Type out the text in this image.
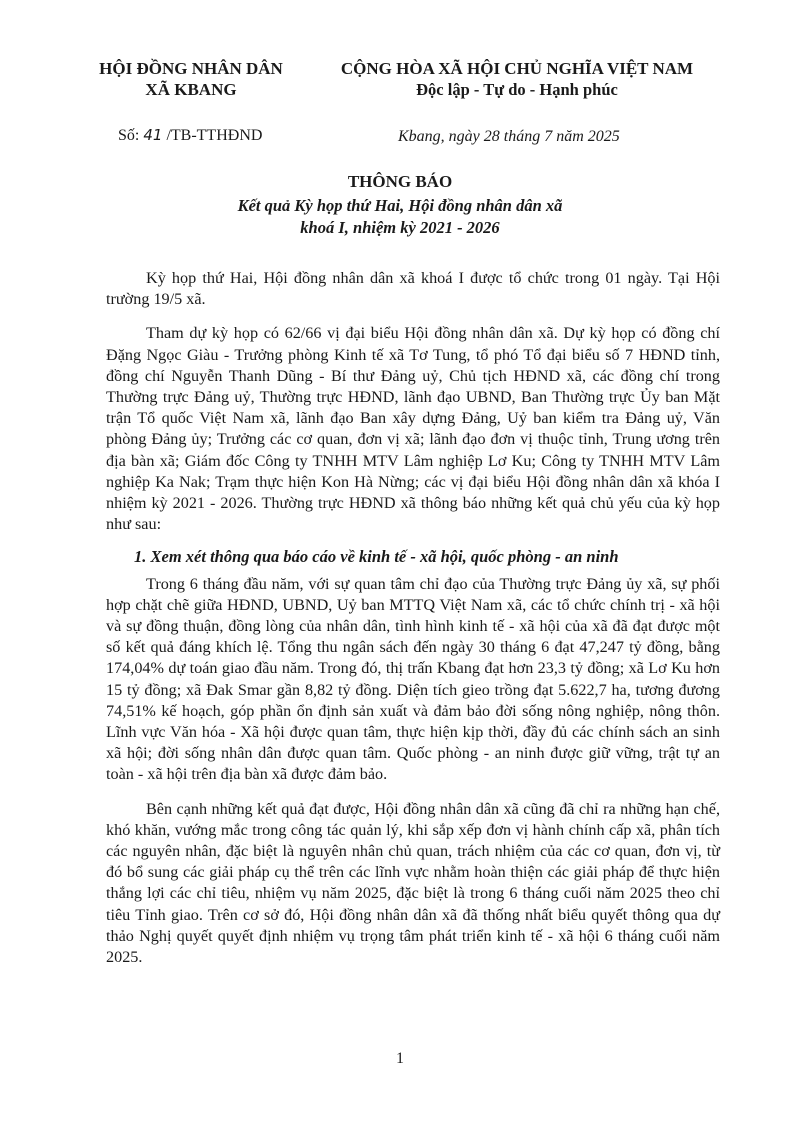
HỘI ĐỒNG NHÂN DÂN
XÃ KBANG
CỘNG HÒA XÃ HỘI CHỦ NGHĨA VIỆT NAM
Độc lập - Tự do - Hạnh phúc
Số: 41 /TB-TTHĐND	Kbang, ngày 28 tháng 7 năm 2025
THÔNG BÁO
Kết quả Kỳ họp thứ Hai, Hội đồng nhân dân xã
khoá I, nhiệm kỳ 2021 - 2026

Kỳ họp thứ Hai, Hội đồng nhân dân xã khoá I được tổ chức trong 01 ngày. Tại Hội trường 19/5 xã.

Tham dự kỳ họp có 62/66 vị đại biểu Hội đồng nhân dân xã. Dự kỳ họp có đồng chí Đặng Ngọc Giàu - Trưởng phòng Kinh tế xã Tơ Tung, tổ phó Tổ đại biểu số 7 HĐND tỉnh, đồng chí Nguyễn Thanh Dũng - Bí thư Đảng uỷ, Chủ tịch HĐND xã, các đồng chí trong Thường trực Đảng uỷ, Thường trực HĐND, lãnh đạo UBND, Ban Thường trực Ủy ban Mặt trận Tổ quốc Việt Nam xã, lãnh đạo Ban xây dựng Đảng, Uỷ ban kiểm tra Đảng uỷ, Văn phòng Đảng ủy; Trưởng các cơ quan, đơn vị xã; lãnh đạo đơn vị thuộc tỉnh, Trung ương trên địa bàn xã; Giám đốc Công ty TNHH MTV Lâm nghiệp Lơ Ku; Công ty TNHH MTV Lâm nghiệp Ka Nak; Trạm thực hiện Kon Hà Nừng; các vị đại biểu Hội đồng nhân dân xã khóa I nhiệm kỳ 2021 - 2026. Thường trực HĐND xã thông báo những kết quả chủ yếu của kỳ họp như sau:

1. Xem xét thông qua báo cáo về kinh tế - xã hội, quốc phòng - an ninh

Trong 6 tháng đầu năm, với sự quan tâm chỉ đạo của Thường trực Đảng ủy xã, sự phối hợp chặt chẽ giữa HĐND, UBND, Uỷ ban MTTQ Việt Nam xã, các tổ chức chính trị - xã hội và sự đồng thuận, đồng lòng của nhân dân, tình hình kinh tế - xã hội của xã đã đạt được một số kết quả đáng khích lệ. Tổng thu ngân sách đến ngày 30 tháng 6 đạt 47,247 tỷ đồng, bằng 174,04% dự toán giao đầu năm. Trong đó, thị trấn Kbang đạt hơn 23,3 tỷ đồng; xã Lơ Ku hơn 15 tỷ đồng; xã Đak Smar gần 8,82 tỷ đồng. Diện tích gieo trồng đạt 5.622,7 ha, tương đương 74,51% kế hoạch, góp phần ổn định sản xuất và đảm bảo đời sống nông nghiệp, nông thôn. Lĩnh vực Văn hóa - Xã hội được quan tâm, thực hiện kịp thời, đầy đủ các chính sách an sinh xã hội; đời sống nhân dân được quan tâm. Quốc phòng - an ninh được giữ vững, trật tự an toàn - xã hội trên địa bàn xã được đảm bảo.

Bên cạnh những kết quả đạt được, Hội đồng nhân dân xã cũng đã chỉ ra những hạn chế, khó khăn, vướng mắc trong công tác quản lý, khi sắp xếp đơn vị hành chính cấp xã, phân tích các nguyên nhân, đặc biệt là nguyên nhân chủ quan, trách nhiệm của các cơ quan, đơn vị, từ đó bổ sung các giải pháp cụ thể trên các lĩnh vực nhằm hoàn thiện các giải pháp để thực hiện thắng lợi các chỉ tiêu, nhiệm vụ năm 2025, đặc biệt là trong 6 tháng cuối năm 2025 theo chỉ tiêu Tỉnh giao. Trên cơ sở đó, Hội đồng nhân dân xã đã thống nhất biểu quyết thông qua dự thảo Nghị quyết quyết định nhiệm vụ trọng tâm phát triển kinh tế - xã hội 6 tháng cuối năm 2025.

1
